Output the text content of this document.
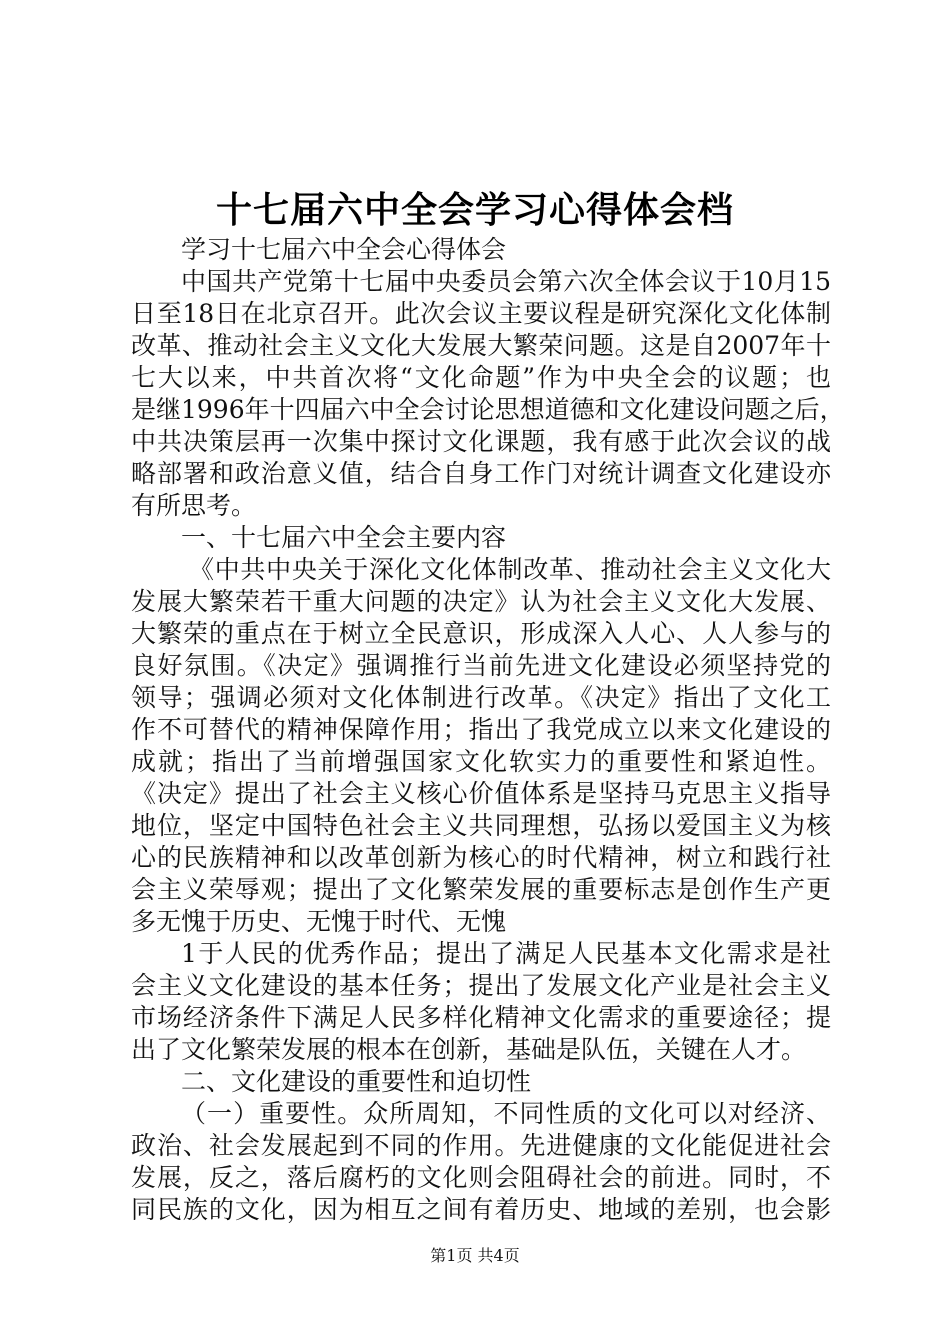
十七届六中全会学习心得体会档
学习十七届六中全会心得体会
中国共产党第十七届中央委员会第六次全体会议于10月15
日至18日在北京召开。此次会议主要议程是研究深化文化体制
改革、推动社会主义文化大发展大繁荣问题。这是自2007年十
七大以来，中共首次将“文化命题”作为中央全会的议题；也
是继1996年十四届六中全会讨论思想道德和文化建设问题之后，
中共决策层再一次集中探讨文化课题，我有感于此次会议的战
略部署和政治意义值，结合自身工作门对统计调查文化建设亦
有所思考。
一、十七届六中全会主要内容
《中共中央关于深化文化体制改革、推动社会主义文化大
发展大繁荣若干重大问题的决定》认为社会主义文化大发展、
大繁荣的重点在于树立全民意识，形成深入人心、人人参与的
良好氛围。《决定》强调推行当前先进文化建设必须坚持党的
领导；强调必须对文化体制进行改革。《决定》指出了文化工
作不可替代的精神保障作用；指出了我党成立以来文化建设的
成就；指出了当前增强国家文化软实力的重要性和紧迫性。
《决定》提出了社会主义核心价值体系是坚持马克思主义指导
地位，坚定中国特色社会主义共同理想，弘扬以爱国主义为核
心的民族精神和以改革创新为核心的时代精神，树立和践行社
会主义荣辱观；提出了文化繁荣发展的重要标志是创作生产更
多无愧于历史、无愧于时代、无愧
1于人民的优秀作品；提出了满足人民基本文化需求是社
会主义文化建设的基本任务；提出了发展文化产业是社会主义
市场经济条件下满足人民多样化精神文化需求的重要途径；提
出了文化繁荣发展的根本在创新，基础是队伍，关键在人才。
二、文化建设的重要性和迫切性
（一）重要性。众所周知，不同性质的文化可以对经济、
政治、社会发展起到不同的作用。先进健康的文化能促进社会
发展，反之，落后腐朽的文化则会阻碍社会的前进。同时，不
同民族的文化，因为相互之间有着历史、地域的差别，也会影
第1页 共4页
